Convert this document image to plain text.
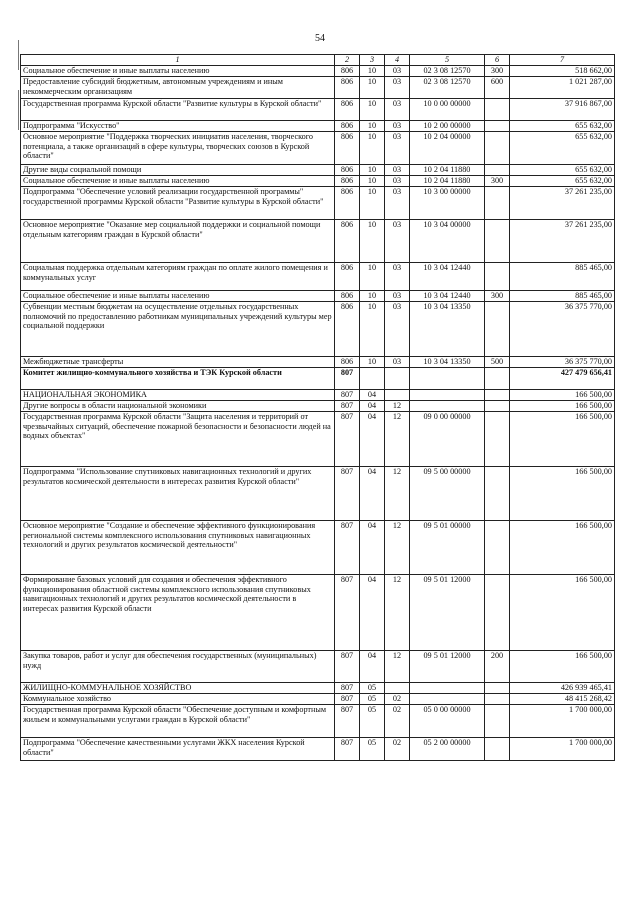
54
1	2	3	4	5	6	7
Социальное обеспечение и иные выплаты населению	806	10	03	02 3 08 12570	300	518 662,00
Предоставление субсидий бюджетным, автономным учреждениям и иным некоммерческим организациям	806	10	03	02 3 08 12570	600	1 021 287,00
Государственная программа Курской области "Развитие культуры в Курской области"	806	10	03	10 0 00 00000		37 916 867,00
Подпрограмма "Искусство"	806	10	03	10 2 00 00000		655 632,00
Основное мероприятие "Поддержка творческих инициатив населения, творческого потенциала, а также организаций в сфере культуры, творческих союзов в Курской области"	806	10	03	10 2 04 00000		655 632,00
Другие виды социальной помощи	806	10	03	10 2 04 11880		655 632,00
Социальное обеспечение и иные выплаты населению	806	10	03	10 2 04 11880	300	655 632,00
Подпрограмма "Обеспечение условий реализации государственной программы" государственной программы Курской области "Развитие культуры в Курской области"	806	10	03	10 3 00 00000		37 261 235,00
Основное мероприятие "Оказание мер социальной поддержки и социальной помощи отдельным категориям граждан в Курской области"	806	10	03	10 3 04 00000		37 261 235,00
Социальная поддержка отдельным категориям граждан по оплате жилого помещения и коммунальных услуг	806	10	03	10 3 04 12440		885 465,00
Социальное обеспечение и иные выплаты населению	806	10	03	10 3 04 12440	300	885 465,00
Субвенции местным бюджетам на осуществление отдельных государственных полномочий по предоставлению работникам муниципальных учреждений культуры мер социальной поддержки	806	10	03	10 3 04 13350		36 375 770,00
Межбюджетные трансферты	806	10	03	10 3 04 13350	500	36 375 770,00
Комитет жилищно-коммунального хозяйства и ТЭК Курской области	807					427 479 656,41
НАЦИОНАЛЬНАЯ ЭКОНОМИКА	807	04				166 500,00
Другие вопросы в области национальной экономики	807	04	12			166 500,00
Государственная программа Курской области "Защита населения и территорий от чрезвычайных ситуаций, обеспечение пожарной безопасности и безопасности людей на водных объектах"	807	04	12	09 0 00 00000		166 500,00
Подпрограмма "Использование спутниковых навигационных технологий и других результатов космической деятельности в интересах развития Курской области"	807	04	12	09 5 00 00000		166 500,00
Основное мероприятие "Создание и обеспечение эффективного функционирования региональной системы комплексного использования спутниковых навигационных технологий и других результатов космической деятельности"	807	04	12	09 5 01 00000		166 500,00
Формирование базовых условий для создания и обеспечения эффективного функционирования областной системы комплексного использования спутниковых навигационных технологий и других результатов космической деятельности в интересах развития Курской области	807	04	12	09 5 01 12000		166 500,00
Закупка товаров, работ и услуг для обеспечения государственных (муниципальных) нужд	807	04	12	09 5 01 12000	200	166 500,00
ЖИЛИЩНО-КОММУНАЛЬНОЕ ХОЗЯЙСТВО	807	05				426 939 465,41
Коммунальное хозяйство	807	05	02			48 415 268,42
Государственная программа Курской области "Обеспечение доступным и комфортным жильем и коммунальными услугами граждан в Курской области"	807	05	02	05 0 00 00000		1 700 000,00
Подпрограмма "Обеспечение качественными услугами ЖКХ населения Курской области"	807	05	02	05 2 00 00000		1 700 000,00
